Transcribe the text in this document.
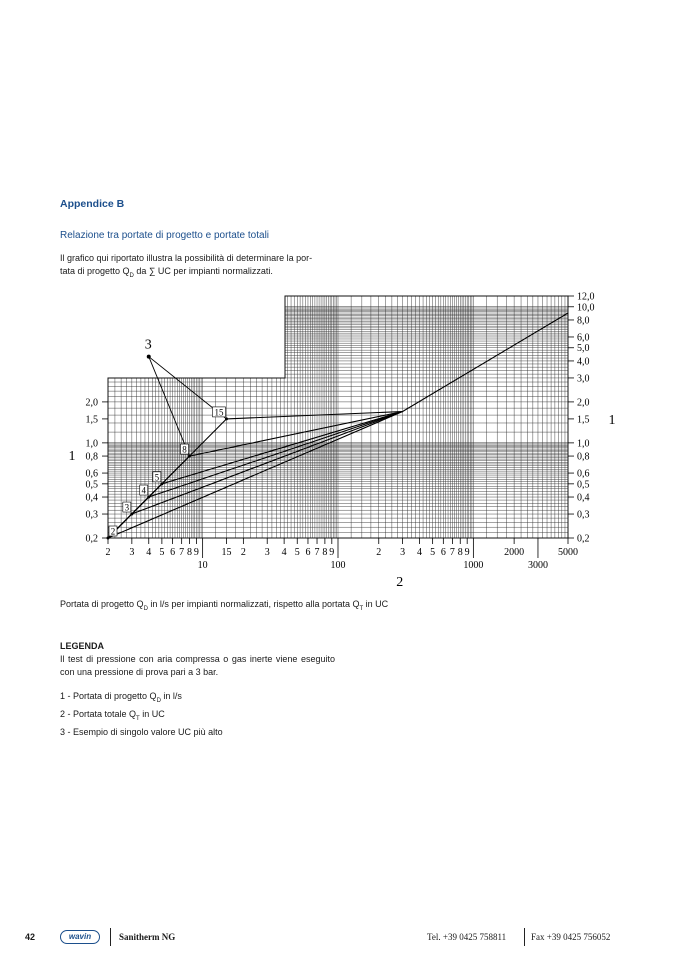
Appendice B
Relazione tra portate di progetto e portate totali
Il grafico qui riportato illustra la possibilità di determinare la por-
tata di progetto $Q_D$ da ∑ UC per impianti normalizzati.
3
2
3
4
5
8
15
2,0
1,5
1,0
0,8
0,6
0,5
0,4
0,3
0,2
12,0
10,0
8,0
6,0
5,0
4,0
3,0
2,0
1,5
1,0
0,8
0,6
0,5
0,4
0,3
0,2
2 3 4 5 6 7 8 9 15 2 3 4 5 6 7 8 9	2 3 4 5 6 7 8 9	2000	5000
10	100	1000	3000
2
1
1
Portata di progetto $Q_D$ in l/s per impianti normalizzati, rispetto alla portata $Q_T$ in UC
LEGENDA
Il test di pressione con aria compressa o gas inerte viene eseguito con una pressione di prova pari a 3 bar.
1 - Portata di progetto $Q_D$ in l/s
2 - Portata totale $Q_T$ in UC
3 - Esempio di singolo valore UC più alto
42	wavin	Sanitherm NG	Tel. +39 0425 758811	Fax +39 0425 756052
